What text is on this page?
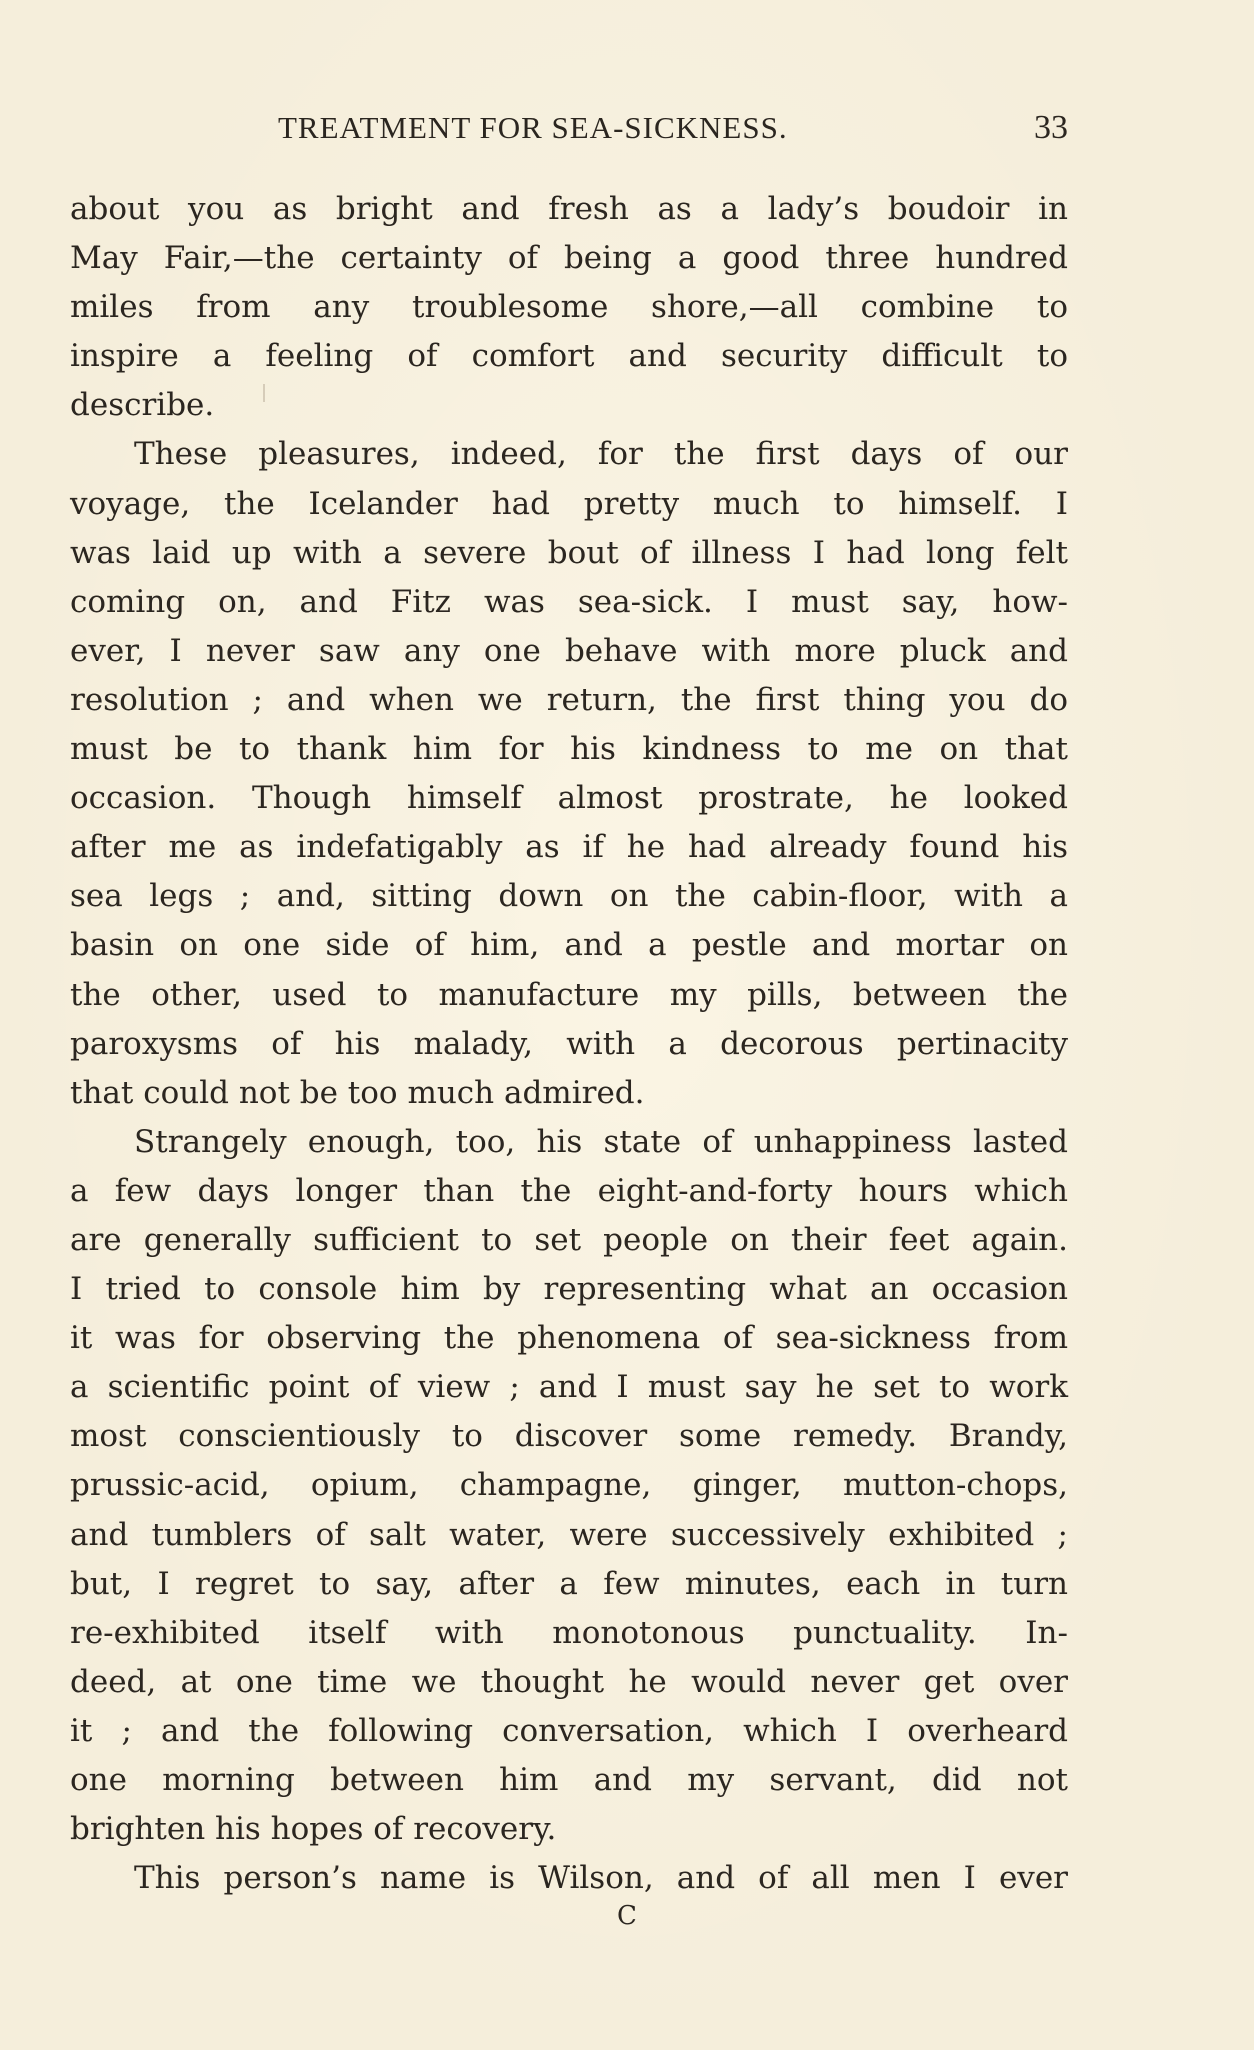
TREATMENT FOR SEA-SICKNESS.	33
about you as bright and fresh as a lady’s boudoir in
May Fair,—the certainty of being a good three hundred
miles from any troublesome shore,—all combine to
inspire a feeling of comfort and security difficult to
describe.
These pleasures, indeed, for the first days of our
voyage, the Icelander had pretty much to himself. I
was laid up with a severe bout of illness I had long felt
coming on, and Fitz was sea-sick. I must say, how-
ever, I never saw any one behave with more pluck and
resolution ; and when we return, the first thing you do
must be to thank him for his kindness to me on that
occasion. Though himself almost prostrate, he looked
after me as indefatigably as if he had already found his
sea legs ; and, sitting down on the cabin-floor, with a
basin on one side of him, and a pestle and mortar on
the other, used to manufacture my pills, between the
paroxysms of his malady, with a decorous pertinacity
that could not be too much admired.
Strangely enough, too, his state of unhappiness lasted
a few days longer than the eight-and-forty hours which
are generally sufficient to set people on their feet again.
I tried to console him by representing what an occasion
it was for observing the phenomena of sea-sickness from
a scientific point of view ; and I must say he set to work
most conscientiously to discover some remedy. Brandy,
prussic-acid, opium, champagne, ginger, mutton-chops,
and tumblers of salt water, were successively exhibited ;
but, I regret to say, after a few minutes, each in turn
re-exhibited itself with monotonous punctuality. In-
deed, at one time we thought he would never get over
it ; and the following conversation, which I overheard
one morning between him and my servant, did not
brighten his hopes of recovery.
This person’s name is Wilson, and of all men I ever
C
